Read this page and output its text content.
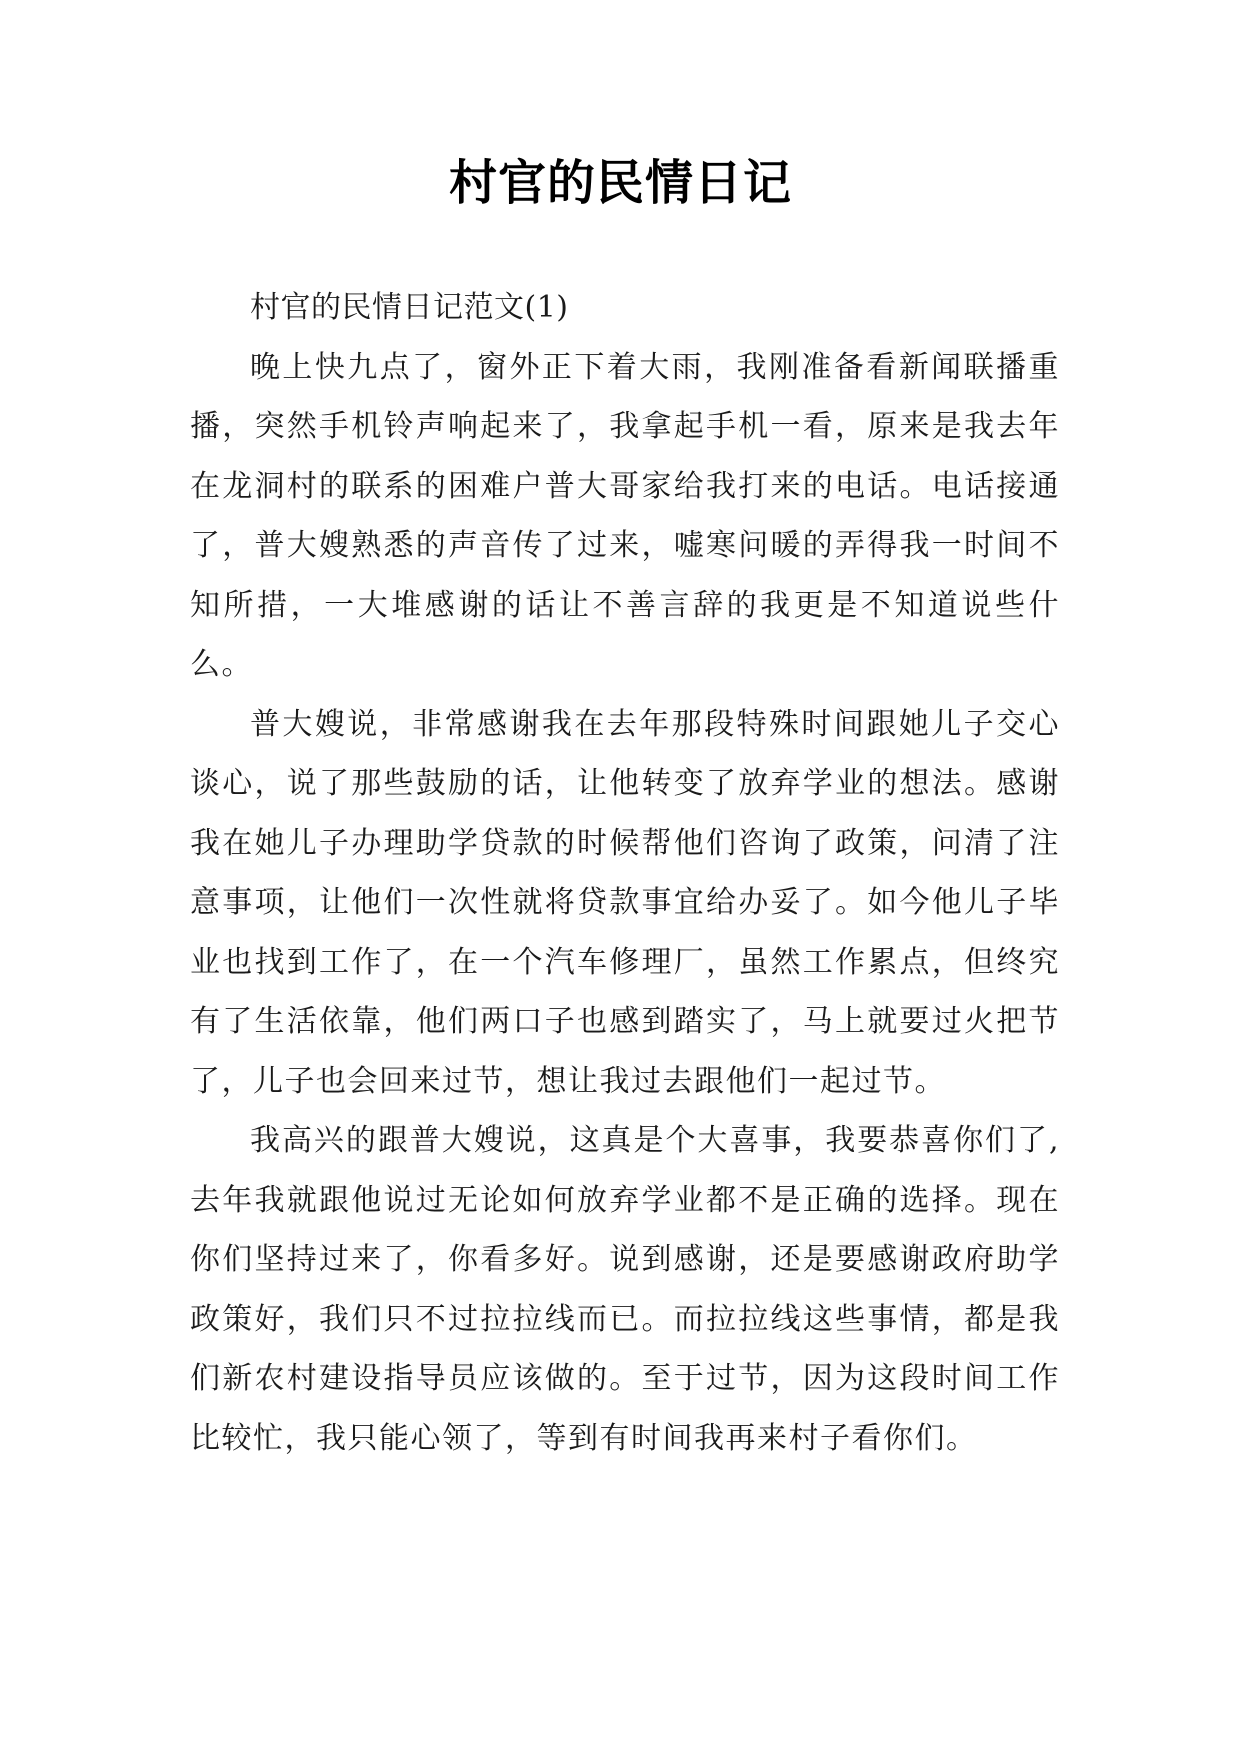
村官的民情日记

村官的民情日记范文(1)

晚上快九点了，窗外正下着大雨，我刚准备看新闻联播重播，突然手机铃声响起来了，我拿起手机一看，原来是我去年在龙洞村的联系的困难户普大哥家给我打来的电话。电话接通了，普大嫂熟悉的声音传了过来，嘘寒问暖的弄得我一时间不知所措，一大堆感谢的话让不善言辞的我更是不知道说些什么。

普大嫂说，非常感谢我在去年那段特殊时间跟她儿子交心谈心，说了那些鼓励的话，让他转变了放弃学业的想法。感谢我在她儿子办理助学贷款的时候帮他们咨询了政策，问清了注意事项，让他们一次性就将贷款事宜给办妥了。如今他儿子毕业也找到工作了，在一个汽车修理厂，虽然工作累点，但终究有了生活依靠，他们两口子也感到踏实了，马上就要过火把节了，儿子也会回来过节，想让我过去跟他们一起过节。

我高兴的跟普大嫂说，这真是个大喜事，我要恭喜你们了,去年我就跟他说过无论如何放弃学业都不是正确的选择。现在你们坚持过来了，你看多好。说到感谢，还是要感谢政府助学政策好，我们只不过拉拉线而已。而拉拉线这些事情，都是我们新农村建设指导员应该做的。至于过节，因为这段时间工作比较忙，我只能心领了，等到有时间我再来村子看你们。
